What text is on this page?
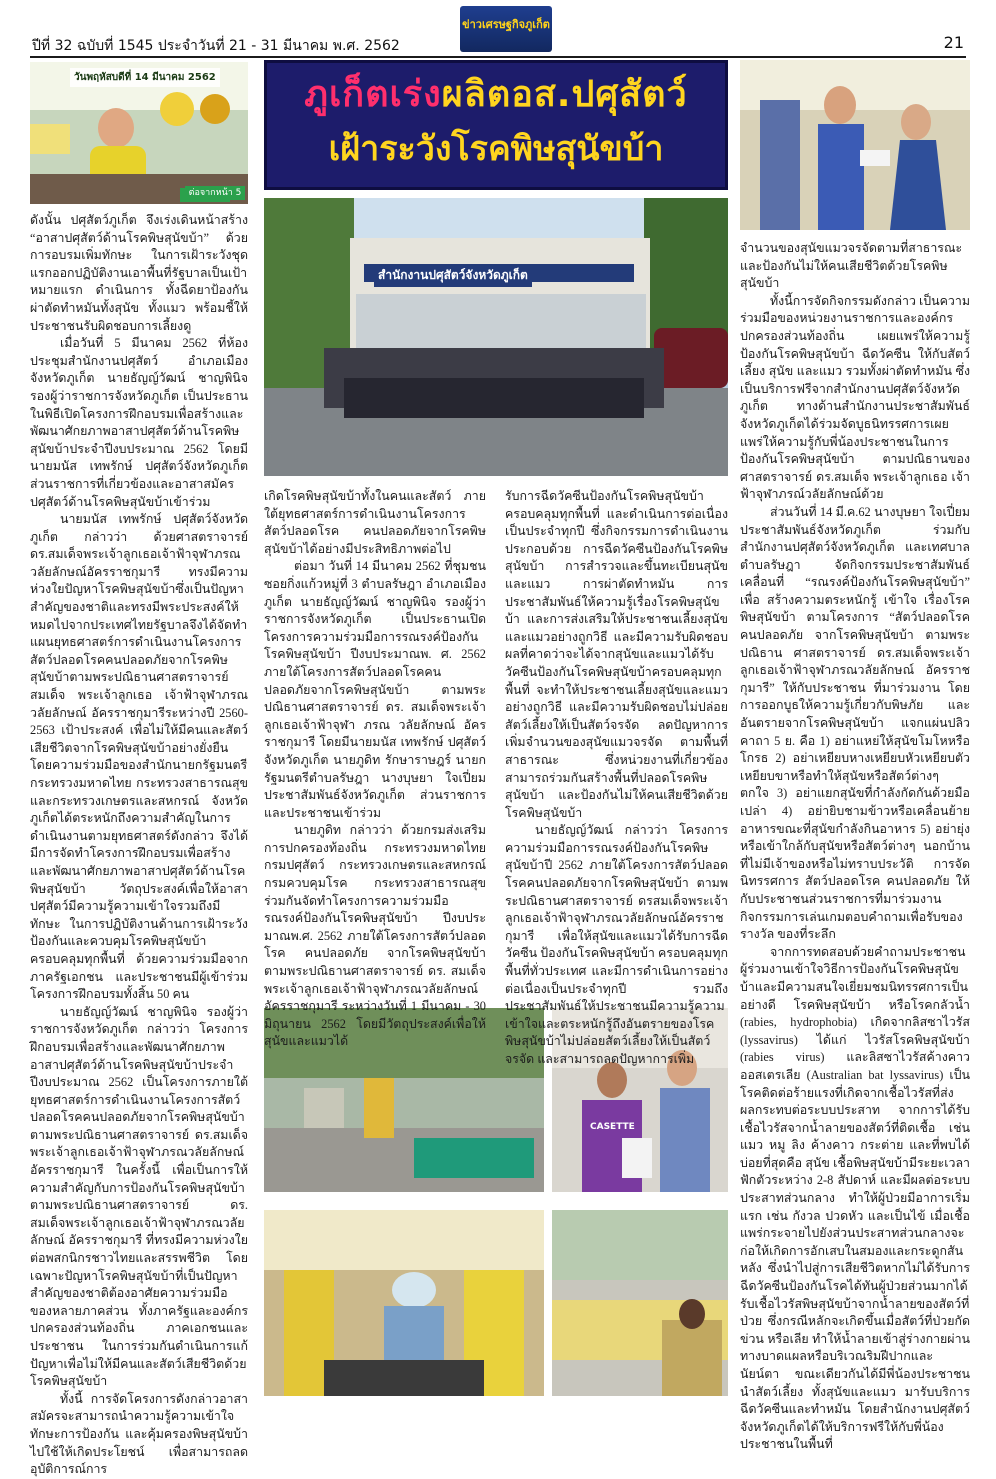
ปีที่ 32 ฉบับที่ 1545 ประจำวันที่ 21 - 31 มีนาคม พ.ศ. 2562
ข่าวเศรษฐกิจภูเก็ต
21
วันพฤหัสบดีที่ 14 มีนาคม 2562
ต่อจากหน้า 5
ภูเก็ตเร่งผลิตอส.ปศุสัตว์
เฝ้าระวังโรคพิษสุนัขบ้า
สำนักงานปศุสัตว์จังหวัดภูเก็ต
CASETTE

ดังนั้น ปศุสัตว์ภูเก็ต จึงเร่งเดินหน้าสร้าง “อาสาปศุสัตว์ด้านโรคพิษสุนัขบ้า” ด้วยการอบรมเพิ่มทักษะ ในการเฝ้าระวังชุดแรกออกปฏิบัติงานเอาพื้นที่รัฐบาลเป็นเป้าหมายแรก ดำเนินการ ทั้งฉีดยาป้องกัน ผ่าตัดทำหมันทั้งสุนัข ทั้งแมว พร้อมชี้ให้ประชาชนรับผิดชอบการเลี้ยงดู

เมื่อวันที่ 5 มีนาคม 2562 ที่ห้องประชุมสำนักงานปศุสัตว์ อำเภอเมือง จังหวัดภูเก็ต นายธัญญ์วัฒน์ ชาญพินิจ รองผู้ว่าราชการจังหวัดภูเก็ต เป็นประธานในพิธีเปิดโครงการฝึกอบรมเพื่อสร้างและพัฒนาศักยภาพอาสาปศุสัตว์ด้านโรคพิษสุนัขบ้าประจำปีงบประมาณ 2562 โดยมี นายมนัส เทพรักษ์ ปศุสัตว์จังหวัดภูเก็ต ส่วนราชการที่เกี่ยวข้องและอาสาสมัครปศุสัตว์ด้านโรคพิษสุนัขบ้าเข้าร่วม

นายมนัส เทพรักษ์ ปศุสัตว์จังหวัดภูเก็ต กล่าวว่า ด้วยศาสตราจารย์ ดร.สมเด็จพระเจ้าลูกเธอเจ้าฟ้าจุฬาภรณวลัยลักษณ์อัครราชกุมารี ทรงมีความห่วงใยปัญหาโรคพิษสุนัขบ้าซึ่งเป็นปัญหาสำคัญของชาติและทรงมีพระประสงค์ให้หมดไปจากประเทศไทยรัฐบาลจึงได้จัดทำแผนยุทธศาสตร์การดำเนินงานโครงการสัตว์ปลอดโรคคนปลอดภัยจากโรคพิษสุนัขบ้าตามพระปณิธานศาสตราจารย์สมเด็จ พระเจ้าลูกเธอ เจ้าฟ้าจุฬาภรณวลัยลักษณ์ อัครราชกุมารีระหว่างปี 2560-2563 เป้าประสงค์ เพื่อไม่ให้มีคนและสัตว์เสียชีวิตจากโรคพิษสุนัขบ้าอย่างยั่งยืน โดยความร่วมมือของสำนักนายกรัฐมนตรี กระทรวงมหาดไทย กระทรวงสาธารณสุข และกระทรวงเกษตรและสหกรณ์ จังหวัดภูเก็ตได้ตระหนักถึงความสำคัญในการดำเนินงานตามยุทธศาสตร์ดังกล่าว จึงได้มีการจัดทำโครงการฝึกอบรมเพื่อสร้างและพัฒนาศักยภาพอาสาปศุสัตว์ด้านโรคพิษสุนัขบ้า วัตถุประสงค์เพื่อให้อาสาปศุสัตว์มีความรู้ความเข้าใจรวมถึงมีทักษะ ในการปฏิบัติงานด้านการเฝ้าระวังป้องกันและควบคุมโรคพิษสุนัขบ้าครอบคลุมทุกพื้นที่ ด้วยความร่วมมือจากภาครัฐเอกชน และประชาชนมีผู้เข้าร่วมโครงการฝึกอบรมทั้งสิ้น 50 คน

นายธัญญ์วัฒน์ ชาญพินิจ รองผู้ว่าราชการจังหวัดภูเก็ต กล่าวว่า โครงการฝึกอบรมเพื่อสร้างและพัฒนาศักยภาพอาสาปศุสัตว์ด้านโรคพิษสุนัขบ้าประจำปีงบประมาณ 2562 เป็นโครงการภายใต้ยุทธศาสตร์การดำเนินงานโครงการสัตว์ปลอดโรคคนปลอดภัยจากโรคพิษสุนัขบ้าตามพระปณิธานศาสตราจารย์ ดร.สมเด็จพระเจ้าลูกเธอเจ้าฟ้าจุฬาภรณวลัยลักษณ์ อัครราชกุมารี ในครั้งนี้ เพื่อเป็นการให้ความสำคัญกับการป้องกันโรคพิษสุนัขบ้าตามพระปณิธานศาสตราจารย์ ดร. สมเด็จพระเจ้าลูกเธอเจ้าฟ้าจุฬาภรณวลัยลักษณ์ อัครราชกุมารี ที่ทรงมีความห่วงใยต่อพสกนิกรชาวไทยและสรรพชีวิต โดยเฉพาะปัญหาโรคพิษสุนัขบ้าที่เป็นปัญหาสำคัญของชาติต้องอาศัยความร่วมมือของหลายภาคส่วน ทั้งภาครัฐและองค์กรปกครองส่วนท้องถิ่น ภาคเอกชนและประชาชน ในการร่วมกันดำเนินการแก้ปัญหาเพื่อไม่ให้มีคนและสัตว์เสียชีวิตด้วยโรคพิษสุนัขบ้า

ทั้งนี้ การจัดโครงการดังกล่าวอาสาสมัครจะสามารถนำความรู้ความเข้าใจ ทักษะการป้องกัน และคุ้มครองพิษสุนัขบ้าไปใช้ให้เกิดประโยชน์ เพื่อสามารถลดอุบัติการณ์การ

เกิดโรคพิษสุนัขบ้าทั้งในคนและสัตว์ ภายใต้ยุทธศาสตร์การดำเนินงานโครงการสัตว์ปลอดโรค คนปลอดภัยจากโรคพิษสุนัขบ้าได้อย่างมีประสิทธิภาพต่อไป

ต่อมา วันที่ 14 มีนาคม 2562 ที่ชุมชนซอยกิ่งแก้วหมู่ที่ 3 ตำบลรัษฎา อำเภอเมืองภูเก็ต นายธัญญ์วัฒน์ ชาญพินิจ รองผู้ว่าราชการจังหวัดภูเก็ต เป็นประธานเปิดโครงการความร่วมมือการรณรงค์ป้องกันโรคพิษสุนัขบ้า ปีงบประมาณพ. ศ. 2562 ภายใต้โครงการสัตว์ปลอดโรคคนปลอดภัยจากโรคพิษสุนัขบ้า ตามพระปณิธานศาสตราจารย์ ดร. สมเด็จพระเจ้าลูกเธอเจ้าฟ้าจุฬา ภรณ วลัยลักษณ์ อัครราชกุมารี โดยมีนายมนัส เทพรักษ์ ปศุสัตว์จังหวัดภูเก็ต นายภูดิท รักษาราษฎร์ นายกรัฐมนตรีตำบลรัษฎา นางบุษยา ใจเปี่ยม ประชาสัมพันธ์จังหวัดภูเก็ต ส่วนราชการและประชาชนเข้าร่วม

นายภูดิท กล่าวว่า ด้วยกรมส่งเสริมการปกครองท้องถิ่น กระทรวงมหาดไทย กรมปศุสัตว์ กระทรวงเกษตรและสหกรณ์ กรมควบคุมโรค กระทรวงสาธารณสุข ร่วมกันจัดทำโครงการความร่วมมือรณรงค์ป้องกันโรคพิษสุนัขบ้า ปีงบประมาณพ.ศ. 2562 ภายใต้โครงการสัตว์ปลอดโรค คนปลอดภัย จากโรคพิษสุนัขบ้า ตามพระปณิธานศาสตราจารย์ ดร. สมเด็จพระเจ้าลูกเธอเจ้าฟ้าจุฬาภรณวลัยลักษณ์ อัครราชกุมารี ระหว่างวันที่ 1 มีนาคม - 30 มิถุนายน 2562 โดยมีวัตถุประสงค์เพื่อให้สุนัขและแมวได้

รับการฉีดวัคซีนป้องกันโรคพิษสุนัขบ้าครอบคลุมทุกพื้นที่ และดำเนินการต่อเนื่องเป็นประจำทุกปี ซึ่งกิจกรรมการดำเนินงานประกอบด้วย การฉีดวัคซีนป้องกันโรคพิษสุนัขบ้า การสำรวจและขึ้นทะเบียนสุนัขและแมว การผ่าตัดทำหมัน การประชาสัมพันธ์ให้ความรู้เรื่องโรคพิษสุนัขบ้า และการส่งเสริมให้ประชาชนเลี้ยงสุนัขและแมวอย่างถูกวิธี และมีความรับผิดชอบ ผลที่คาดว่าจะได้จากสุนัขและแมวได้รับวัคซีนป้องกันโรคพิษสุนัขบ้าครอบคลุมทุกพื้นที่ จะทำให้ประชาชนเลี้ยงสุนัขและแมวอย่างถูกวิธี และมีความรับผิดชอบไม่ปล่อยสัตว์เลี้ยงให้เป็นสัตว์จรจัด ลดปัญหาการเพิ่มจำนวนของสุนัขแมวจรจัด ตามพื้นที่สาธารณะ ซึ่งหน่วยงานที่เกี่ยวข้องสามารถร่วมกันสร้างพื้นที่ปลอดโรคพิษสุนัขบ้า และป้องกันไม่ให้คนเสียชีวิตด้วยโรคพิษสุนัขบ้า

นายธัญญ์วัฒน์ กล่าวว่า โครงการความร่วมมือการรณรงค์ป้องกันโรคพิษสุนัขบ้าปี 2562 ภายใต้โครงการสัตว์ปลอดโรคคนปลอดภัยจากโรคพิษสุนัขบ้า ตามพระปณิธานศาสตราจารย์ ดรสมเด็จพระเจ้าลูกเธอเจ้าฟ้าจุฬาภรณวลัยลักษณ์อัครราชกุมารี เพื่อให้สุนัขและแมวได้รับการฉีดวัคซีน ป้องกันโรคพิษสุนัขบ้า ครอบคลุมทุกพื้นที่ทั่วประเทศ และมีการดำเนินการอย่างต่อเนื่องเป็นประจำทุกปี รวมถึงประชาสัมพันธ์ให้ประชาชนมีความรู้ความเข้าใจและตระหนักรู้ถึงอันตรายของโรคพิษสุนัขบ้าไม่ปล่อยสัตว์เลี้ยงให้เป็นสัตว์จรจัด และสามารถลดปัญหาการเพิ่ม

จำนวนของสุนัขแมวจรจัดตามที่สาธารณะ และป้องกันไม่ให้คนเสียชีวิตด้วยโรคพิษสุนัขบ้า

ทั้งนี้การจัดกิจกรรมดังกล่าว เป็นความร่วมมือของหน่วยงานราชการและองค์กรปกครองส่วนท้องถิ่น เผยแพร่ให้ความรู้ป้องกันโรคพิษสุนัขบ้า ฉีดวัคซีน ให้กับสัตว์เลี้ยง สุนัข และแมว รวมทั้งผ่าตัดทำหมัน ซึ่งเป็นบริการฟรีจากสำนักงานปศุสัตว์จังหวัดภูเก็ต ทางด้านสำนักงานประชาสัมพันธ์จังหวัดภูเก็ตได้ร่วมจัดบูธนิทรรศการเผยแพร่ให้ความรู้กับพี่น้องประชาชนในการป้องกันโรคพิษสุนัขบ้า ตามปณิธานของศาสตราจารย์ ดร.สมเด็จ พระเจ้าลูกเธอ เจ้าฟ้าจุฬาภรณ์วลัยลักษณ์ด้วย

ส่วนวันที่ 14 มี.ค.62 นางบุษยา ใจเปี่ยม ประชาสัมพันธ์จังหวัดภูเก็ต ร่วมกับ สำนักงานปศุสัตว์จังหวัดภูเก็ต และเทศบาลตำบลรัษฎา จัดกิจกรรมประชาสัมพันธ์เคลื่อนที่ “รณรงค์ป้องกันโรคพิษสุนัขบ้า” เพื่อ สร้างความตระหนักรู้ เข้าใจ เรื่องโรคพิษสุนัขบ้า ตามโครงการ “สัตว์ปลอดโรค คนปลอดภัย จากโรคพิษสุนัขบ้า ตามพระปณิธาน ศาสตราจารย์ ดร.สมเด็จพระเจ้าลูกเธอเจ้าฟ้าจุฬาภรณวลัยลักษณ์ อัครราชกุมารี” ให้กับประชาชน ที่มาร่วมงาน โดยการออกบูธให้ความรู้เกี่ยวกับพิษภัย และอันตรายจากโรคพิษสุนัขบ้า แจกแผ่นปลิวคาถา 5 ย. คือ 1) อย่าแหย่ให้สุนัขโมโหหรือโกรธ 2) อย่าเหยียบหางเหยียบหัวเหยียบตัวเหยียบขาหรือทำให้สุนัขหรือสัตว์ต่างๆ ตกใจ 3) อย่าแยกสุนัขที่กำลังกัดกันด้วยมือเปล่า 4) อย่ายิบชามข้าวหรือเคลื่อนย้ายอาหารขณะที่สุนัขกำลังกินอาหาร 5) อย่ายุ่งหรือเข้าใกล้กับสุนัขหรือสัตว์ต่างๆ นอกบ้านที่ไม่มีเจ้าของหรือไม่ทราบประวัติ การจัดนิทรรศการ สัตว์ปลอดโรค คนปลอดภัย ให้กับประชาชนส่วนราชการที่มาร่วมงาน กิจกรรมการเล่นเกมตอบคำถามเพื่อรับของรางวัล ของที่ระลึก

จากการทดสอบด้วยคำถามประชาชนผู้ร่วมงานเข้าใจวิธีการป้องกันโรคพิษสุนัขบ้าและมีความสนใจเยี่ยมชมนิทรรศการเป็นอย่างดี โรคพิษสุนัขบ้า หรือโรคกลัวน้ำ (rabies, hydrophobia) เกิดจากลิสซาไวรัส (lyssavirus) ได้แก่ ไวรัสโรคพิษสุนัขบ้า (rabies virus) และลิสซาไวรัสค้างคาวออสเตรเลีย (Australian bat lyssavirus) เป็นโรคติดต่อร้ายแรงที่เกิดจากเชื้อไวรัสที่ส่งผลกระทบต่อระบบประสาท จากการได้รับเชื้อไวรัสจากน้ำลายของสัตว์ที่ติดเชื้อ เช่น แมว หมู ลิง ค้างคาว กระต่าย และที่พบได้บ่อยที่สุดคือ สุนัข เชื้อพิษสุนัขบ้ามีระยะเวลาฟักตัวระหว่าง 2-8 สัปดาห์ และมีผลต่อระบบประสาทส่วนกลาง ทำให้ผู้ป่วยมีอาการเริ่มแรก เช่น กังวล ปวดหัว และเป็นไข้ เมื่อเชื้อแพร่กระจายไปยังส่วนประสาทส่วนกลางจะก่อให้เกิดการอักเสบในสมองและกระดูกสันหลัง ซึ่งนำไปสู่การเสียชีวิตหากไม่ได้รับการฉีดวัคซีนป้องกันโรคได้ทันผู้ป่วยส่วนมากได้รับเชื้อไวรัสพิษสุนัขบ้าจากน้ำลายของสัตว์ที่ป่วย ซึ่งกรณีหลักจะเกิดขึ้นเมื่อสัตว์ที่ป่วยกัด ข่วน หรือเลีย ทำให้น้ำลายเข้าสู่ร่างกายผ่านทางบาดแผลหรือบริเวณริมฝีปากและนัยน์ตา ขณะเดียวกันได้มีพี่น้องประชาชนนำสัตว์เลี้ยง ทั้งสุนัขและแมว มารับบริการฉีดวัคซีนและทำหมัน โดยสำนักงานปศุสัตว์จังหวัดภูเก็ตได้ให้บริการฟรีให้กับพี่น้องประชาชนในพื้นที่
